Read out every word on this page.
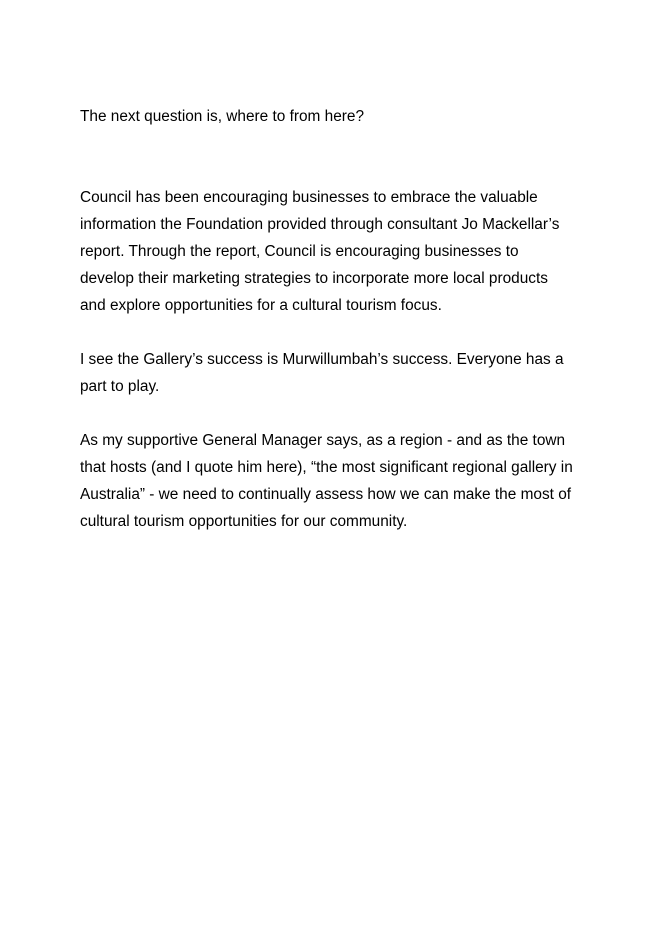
The next question is, where to from here?

Council has been encouraging businesses to embrace the valuable
information the Foundation provided through consultant Jo Mackellar’s
report. Through the report, Council is encouraging businesses to
develop their marketing strategies to incorporate more local products
and explore opportunities for a cultural tourism focus.

I see the Gallery’s success is Murwillumbah’s success. Everyone has a
part to play.

As my supportive General Manager says, as a region - and as the town
that hosts (and I quote him here), “the most significant regional gallery in
Australia” - we need to continually assess how we can make the most of
cultural tourism opportunities for our community.
